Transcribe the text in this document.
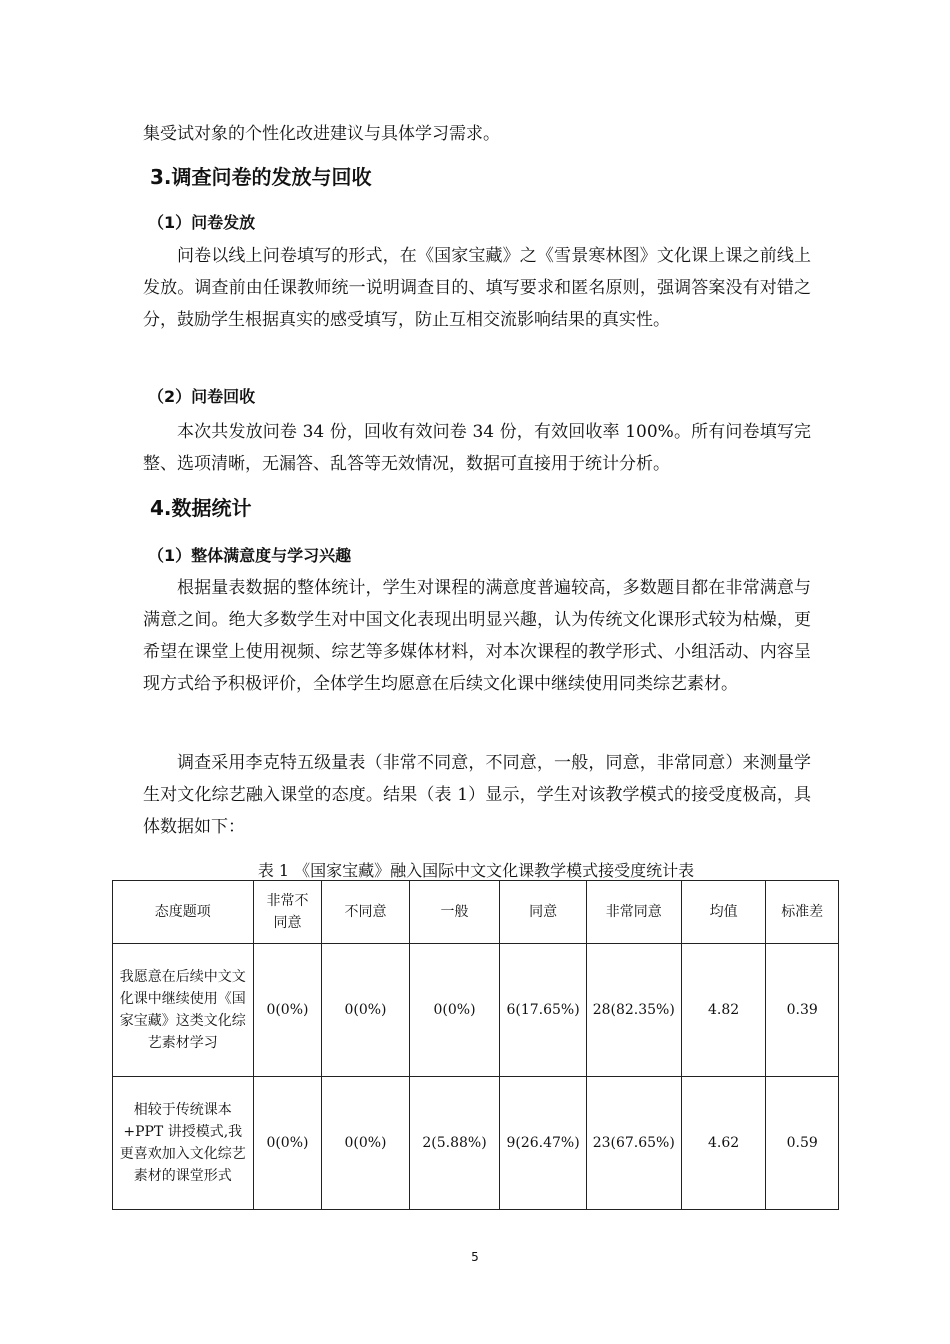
集受试对象的个性化改进建议与具体学习需求。

3.调查问卷的发放与回收
（1）问卷发放

问卷以线上问卷填写的形式，在《国家宝藏》之《雪景寒林图》文化课上课之前线上发放。调查前由任课教师统一说明调查目的、填写要求和匿名原则，强调答案没有对错之分，鼓励学生根据真实的感受填写，防止互相交流影响结果的真实性。

（2）问卷回收

本次共发放问卷 34 份，回收有效问卷 34 份，有效回收率 100%。所有问卷填写完整、选项清晰，无漏答、乱答等无效情况，数据可直接用于统计分析。

4.数据统计
（1）整体满意度与学习兴趣

根据量表数据的整体统计，学生对课程的满意度普遍较高，多数题目都在非常满意与满意之间。绝大多数学生对中国文化表现出明显兴趣，认为传统文化课形式较为枯燥，更希望在课堂上使用视频、综艺等多媒体材料，对本次课程的教学形式、小组活动、内容呈现方式给予积极评价，全体学生均愿意在后续文化课中继续使用同类综艺素材。

调查采用李克特五级量表（非常不同意，不同意，一般，同意，非常同意）来测量学生对文化综艺融入课堂的态度。结果（表 1）显示，学生对该教学模式的接受度极高，具体数据如下：

表 1 《国家宝藏》融入国际中文文化课教学模式接受度统计表

态度题项	非常不同意	不同意	一般	同意	非常同意	均值	标准差
我愿意在后续中文文化课中继续使用《国家宝藏》这类文化综艺素材学习	0(0%)	0(0%)	0(0%)	6(17.65%)	28(82.35%)	4.82	0.39
相较于传统课本+PPT 讲授模式,我更喜欢加入文化综艺素材的课堂形式	0(0%)	0(0%)	2(5.88%)	9(26.47%)	23(67.65%)	4.62	0.59
5
